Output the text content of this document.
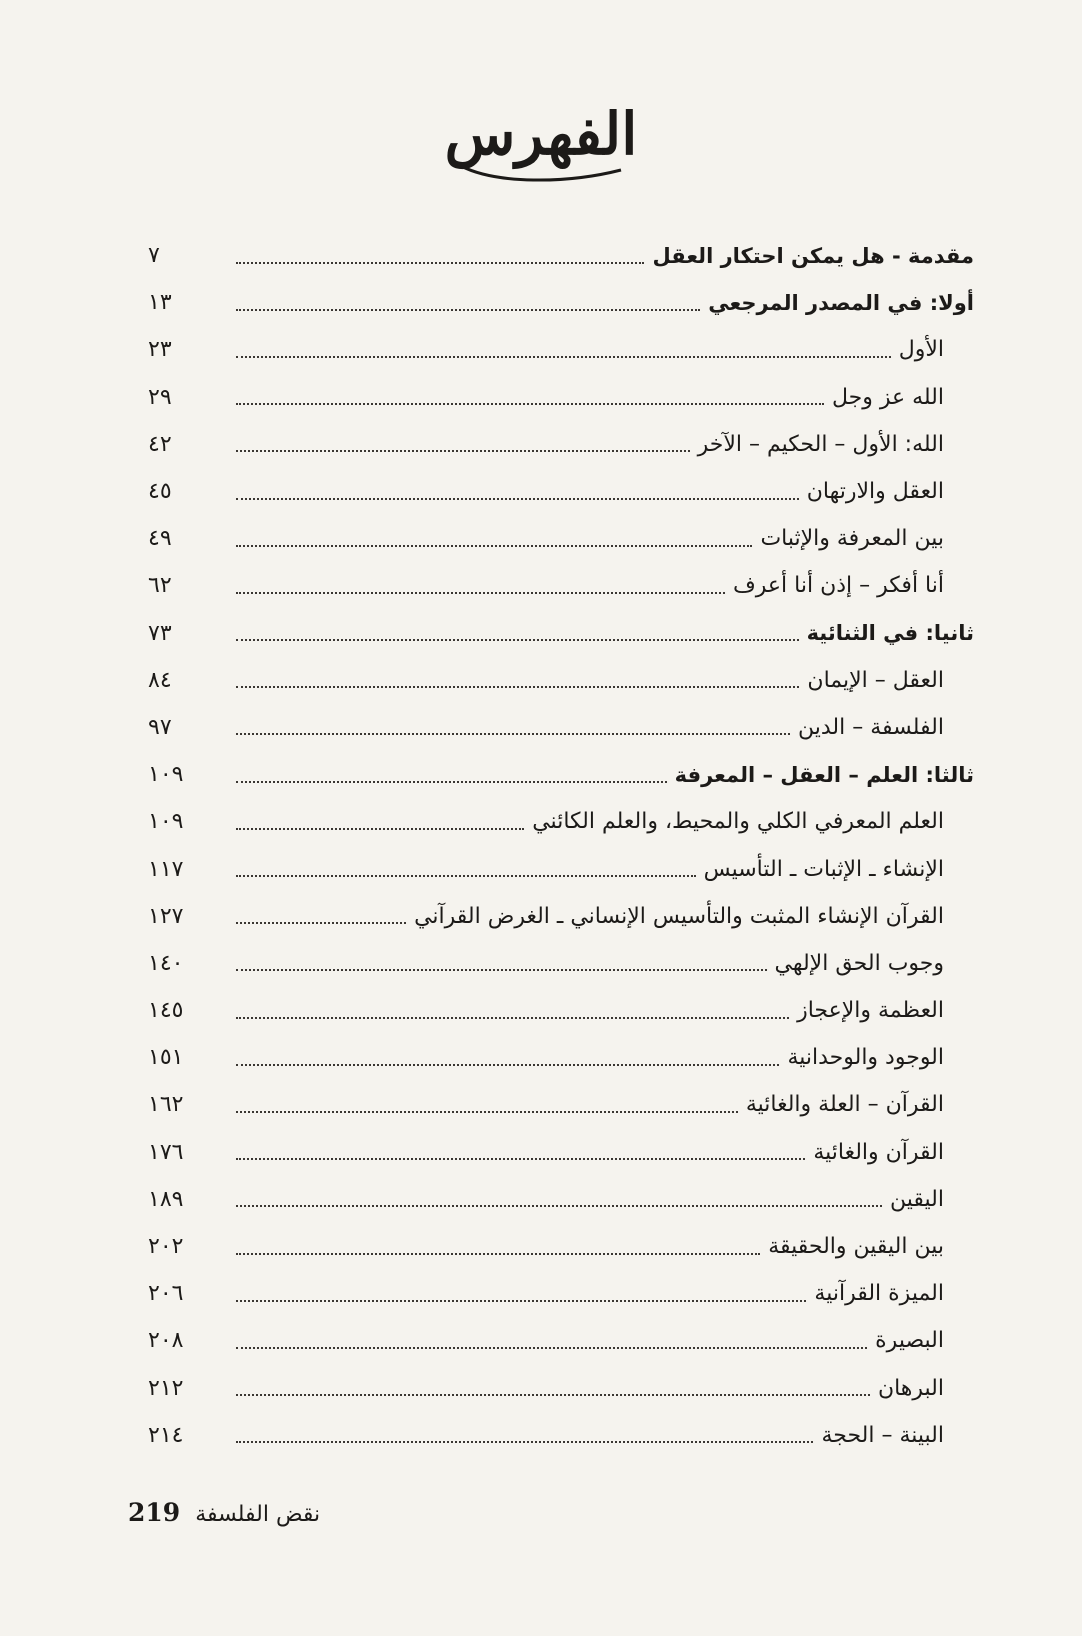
الفهرس
مقدمة - هل يمكن احتكار العقل
٧
أولا: في المصدر المرجعي
١٣
الأول
٢٣
الله عز وجل
٢٩
الله: الأول – الحكيم – الآخر
٤٢
العقل والارتهان
٤٥
بين المعرفة والإثبات
٤٩
أنا أفكر – إذن أنا أعرف
٦٢
ثانيا: في الثنائية
٧٣
العقل – الإيمان
٨٤
الفلسفة – الدين
٩٧
ثالثا: العلم – العقل – المعرفة
١٠٩
العلم المعرفي الكلي والمحيط، والعلم الكائني
١٠٩
الإنشاء ـ الإثبات ـ التأسيس
١١٧
القرآن الإنشاء المثبت والتأسيس الإنساني ـ الغرض القرآني
١٢٧
وجوب الحق الإلهي
١٤٠
العظمة والإعجاز
١٤٥
الوجود والوحدانية
١٥١
القرآن – العلة والغائية
١٦٢
القرآن والغائية
١٧٦
اليقين
١٨٩
بين اليقين والحقيقة
٢٠٢
الميزة القرآنية
٢٠٦
البصيرة
٢٠٨
البرهان
٢١٢
البينة – الحجة
٢١٤
219 نقض الفلسفة
